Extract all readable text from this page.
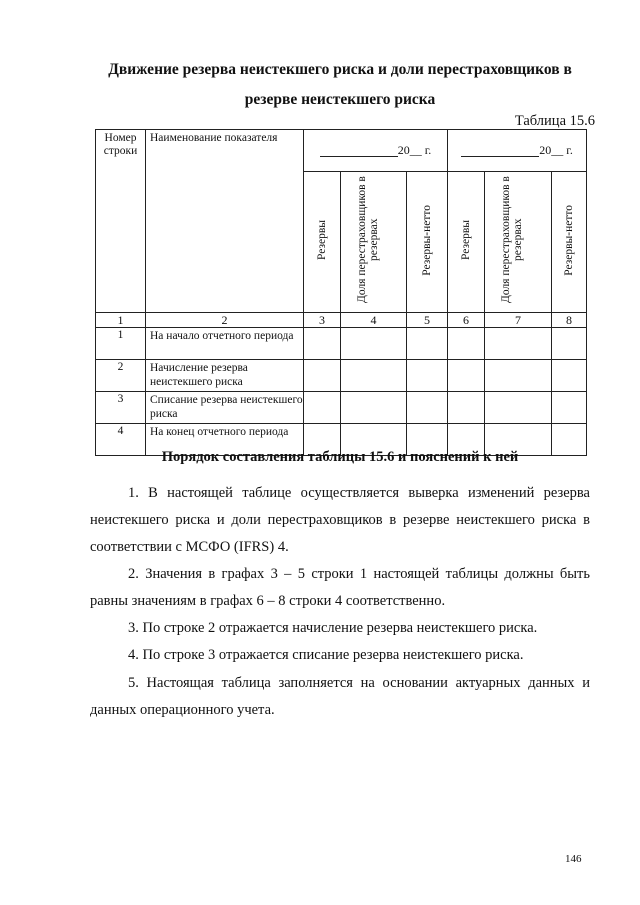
Движение резерва неистекшего риска и доли перестраховщиков в
резерве неистекшего риска
Таблица 15.6
Номер строки	Наименование показателя	20__ г.			20__ г.		
		Резервы	Доля перестраховщиков в резервах	Резервы-нетто	Резервы	Доля перестраховщиков в резервах	Резервы-нетто
1	2	3	4	5	6	7	8
1	На начало отчетного периода						
2	Начисление резерва неистекшего риска						
3	Списание резерва неистекшего риска						
4	На конец отчетного периода						
Порядок составления таблицы 15.6 и пояснений к ней

1. В настоящей таблице осуществляется выверка изменений резерва неистекшего риска и доли перестраховщиков в резерве неистекшего риска в соответствии с МСФО (IFRS) 4.

2. Значения в графах 3 – 5 строки 1 настоящей таблицы должны быть равны значениям в графах 6 – 8 строки 4 соответственно.

3. По строке 2 отражается начисление резерва неистекшего риска.

4. По строке 3 отражается списание резерва неистекшего риска.

5. Настоящая таблица заполняется на основании актуарных данных и данных операционного учета.

146
